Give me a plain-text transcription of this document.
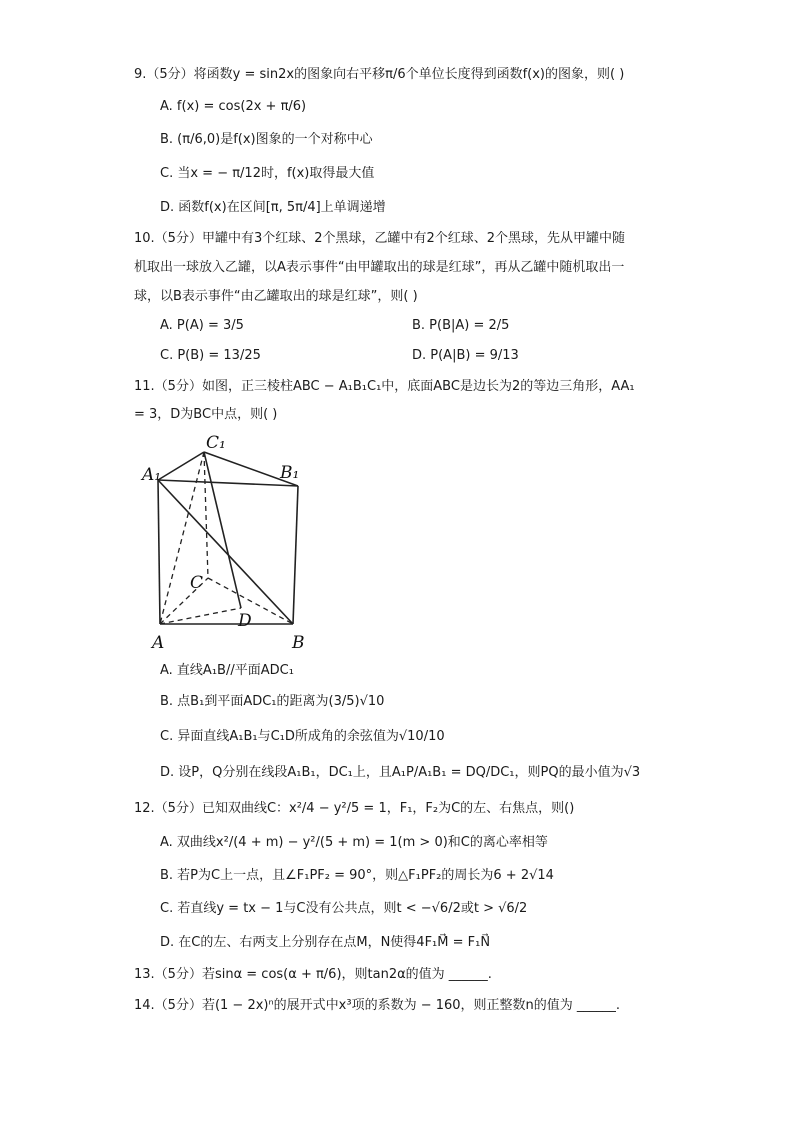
9.（5分）将函数y = sin2x的图象向右平移π/6个单位长度得到函数f(x)的图象，则( )
A. f(x) = cos(2x + π/6)
B. (π/6,0)是f(x)图象的一个对称中心
C. 当x = − π/12时，f(x)取得最大值
D. 函数f(x)在区间[π, 5π/4]上单调递增
10.（5分）甲罐中有3个红球、2个黑球，乙罐中有2个红球、2个黑球，先从甲罐中随
机取出一球放入乙罐，以A表示事件“由甲罐取出的球是红球”，再从乙罐中随机取出一
球，以B表示事件“由乙罐取出的球是红球”，则( )
A. P(A) = 3/5	B. P(B|A) = 2/5
C. P(B) = 13/25	D. P(A|B) = 9/13
11.（5分）如图，正三棱柱ABC − A₁B₁C₁中，底面ABC是边长为2的等边三角形，AA₁
= 3，D为BC中点，则( )
C₁
A₁	B₁
C
D
A	B
A. 直线A₁B//平面ADC₁
B. 点B₁到平面ADC₁的距离为(3/5)√10
C. 异面直线A₁B₁与C₁D所成角的余弦值为√10/10
D. 设P，Q分别在线段A₁B₁，DC₁上，且A₁P/A₁B₁ = DQ/DC₁，则PQ的最小值为√3
12.（5分）已知双曲线C：x²/4 − y²/5 = 1，F₁，F₂为C的左、右焦点，则()
A. 双曲线x²/(4 + m) − y²/(5 + m) = 1(m > 0)和C的离心率相等
B. 若P为C上一点，且∠F₁PF₂ = 90°，则△F₁PF₂的周长为6 + 2√14
C. 若直线y = tx − 1与C没有公共点，则t < −√6/2或t > √6/2
D. 在C的左、右两支上分别存在点M，N使得4F₁M⃗ = F₁N⃗
13.（5分）若sinα = cos(α + π/6)，则tan2α的值为 ______.
14.（5分）若(1 − 2x)ⁿ的展开式中x³项的系数为 − 160，则正整数n的值为 ______.
